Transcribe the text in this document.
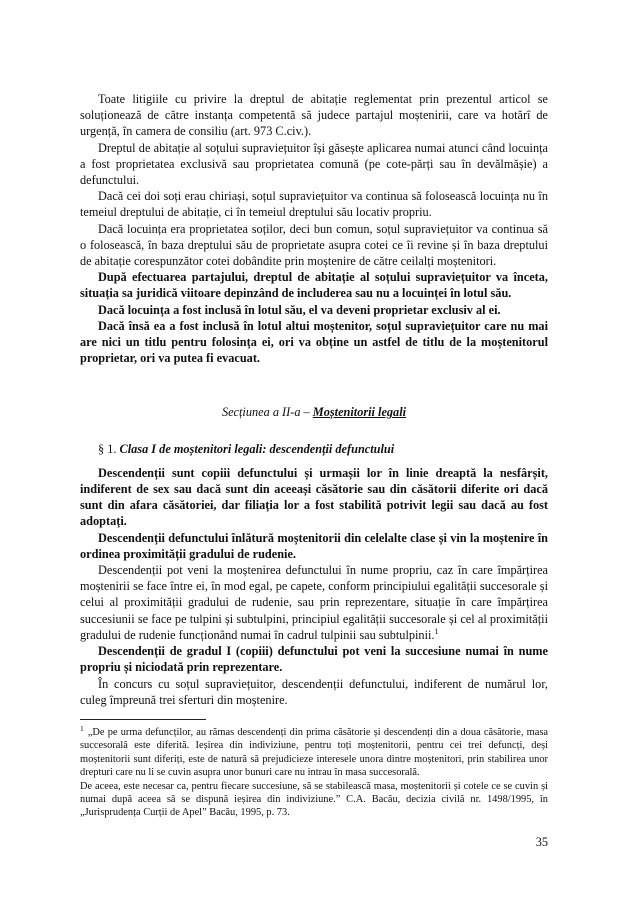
Toate litigiile cu privire la dreptul de abitație reglementat prin prezentul articol se soluționează de către instanța competentă să judece partajul moștenirii, care va hotărî de urgență, în camera de consiliu (art. 973 C.civ.).

Dreptul de abitație al soțului supraviețuitor își găsește aplicarea numai atunci când locuința a fost proprietatea exclusivă sau proprietatea comună (pe cote-părți sau în devălmășie) a defunctului.

Dacă cei doi soți erau chiriași, soțul supraviețuitor va continua să folosească locuința nu în temeiul dreptului de abitație, ci în temeiul dreptului său locativ propriu.

Dacă locuința era proprietatea soților, deci bun comun, soțul supraviețuitor va continua să o folosească, în baza dreptului său de proprietate asupra cotei ce îi revine și în baza dreptului de abitație corespunzător cotei dobândite prin moștenire de către ceilalți moștenitori.

După efectuarea partajului, dreptul de abitație al soțului supraviețuitor va înceta, situația sa juridică viitoare depinzând de includerea sau nu a locuinței în lotul său.

Dacă locuința a fost inclusă în lotul său, el va deveni proprietar exclusiv al ei.

Dacă însă ea a fost inclusă în lotul altui moștenitor, soțul supraviețuitor care nu mai are nici un titlu pentru folosința ei, ori va obține un astfel de titlu de la moștenitorul proprietar, ori va putea fi evacuat.

Secțiunea a II-a – Moștenitorii legali

§ 1. Clasa I de moștenitori legali: descendenții defunctului

Descendenții sunt copiii defunctului și urmașii lor în linie dreaptă la nesfârșit, indiferent de sex sau dacă sunt din aceeași căsătorie sau din căsătorii diferite ori dacă sunt din afara căsătoriei, dar filiația lor a fost stabilită potrivit legii sau dacă au fost adoptați.

Descendenții defunctului înlătură moștenitorii din celelalte clase și vin la moștenire în ordinea proximității gradului de rudenie.

Descendenții pot veni la moștenirea defunctului în nume propriu, caz în care împărțirea moștenirii se face între ei, în mod egal, pe capete, conform principiului egalității succesorale și celui al proximității gradului de rudenie, sau prin reprezentare, situație în care împărțirea succesiunii se face pe tulpini și subtulpini, principiul egalității succesorale și cel al proximității gradului de rudenie funcționând numai în cadrul tulpinii sau subtulpinii.$^1$

Descendenții de gradul I (copiii) defunctului pot veni la succesiune numai în nume propriu și niciodată prin reprezentare.

În concurs cu soțul supraviețuitor, descendenții defunctului, indiferent de numărul lor, culeg împreună trei sferturi din moștenire.

$^1$ „De pe urma defuncților, au rămas descendenți din prima căsătorie și descendenți din a doua căsătorie, masa succesorală este diferită. Ieșirea din indiviziune, pentru toți moștenitorii, pentru cei trei defuncți, deși moștenitorii sunt diferiți, este de natură să prejudicieze interesele unora dintre moștenitori, prin stabilirea unor drepturi care nu li se cuvin asupra unor bunuri care nu intrau în masa succesorală.

De aceea, este necesar ca, pentru fiecare succesiune, să se stabilească masa, moștenitorii și cotele ce se cuvin și numai după aceea să se dispună ieșirea din indiviziune.” C.A. Bacău, decizia civilă nr. 1498/1995, în „Jurisprudența Curții de Apel” Bacău, 1995, p. 73.

35
